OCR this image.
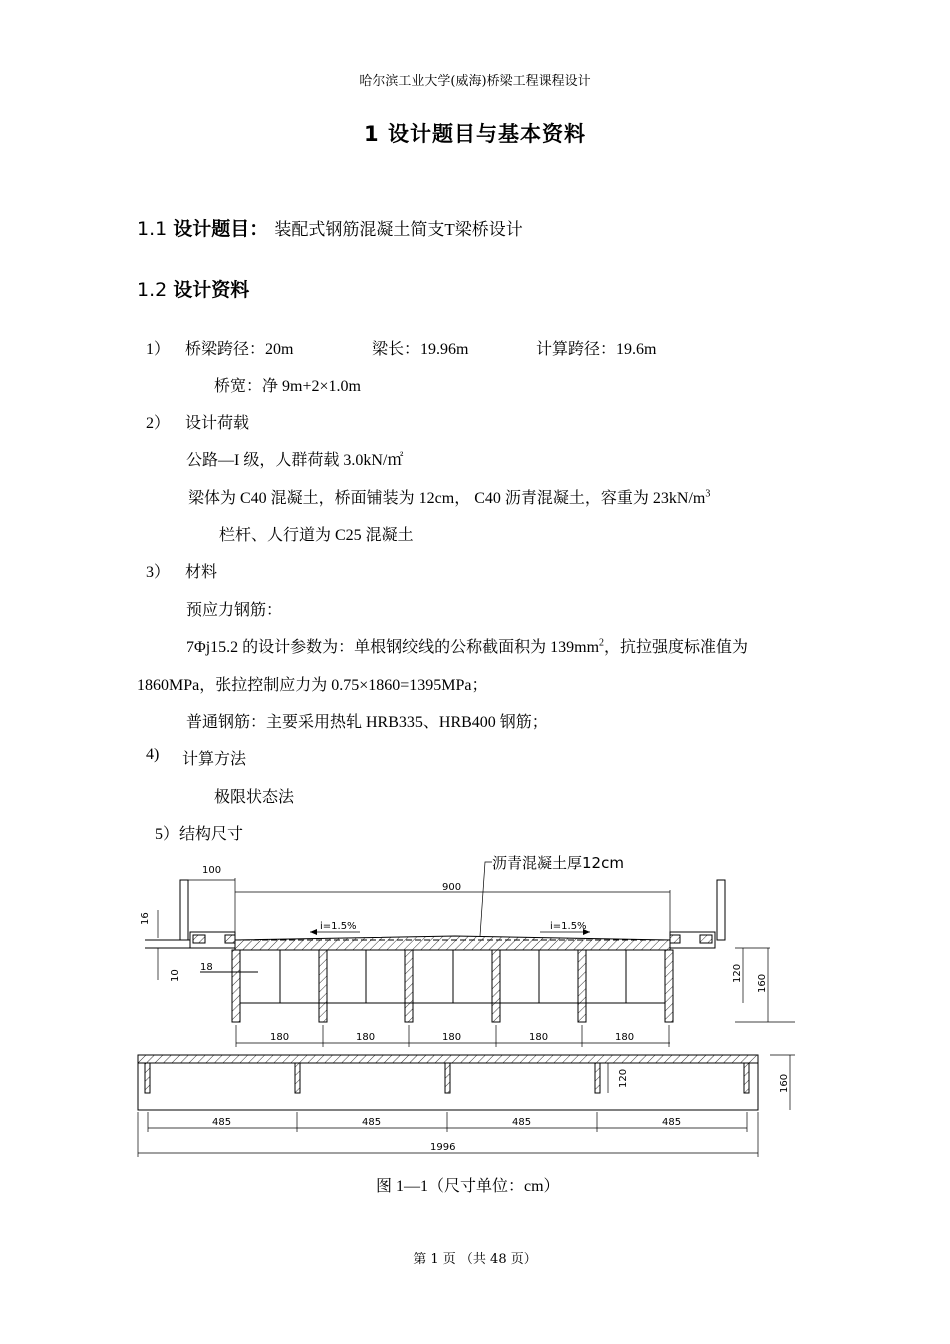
哈尔滨工业大学(威海)桥梁工程课程设计
1 设计题目与基本资料
1.1 设计题目： 装配式钢筋混凝土简支T梁桥设计
1.2 设计资料
1） 桥梁跨径：20m	梁长：19.96m	计算跨径：19.6m
桥宽：净 9m+2×1.0m
2） 设计荷载
公路—I 级，人群荷载 3.0kN/㎡
梁体为 C40 混凝土，桥面铺装为 12cm， C40 沥青混凝土，容重为 $23kN/m^3$
栏杆、人行道为 C25 混凝土
3） 材料
预应力钢筋：
7Φj15.2 的设计参数为：单根钢绞线的公称截面积为 $139mm^2$，抗拉强度标准值为
1860MPa，张拉控制应力为 0.75×1860=1395MPa；
普通钢筋：主要采用热轧 HRB335、HRB400 钢筋；
4) 计算方法
极限状态法
5）结构尺寸
沥青混凝土厚12cm
100
900
i=1.5%	i=1.5%
16
10
18	120
160
180	180	180	180	180
120	160
485	485	485	485
1996
图 1—1（尺寸单位：cm）
第 1 页 （共 48 页）
